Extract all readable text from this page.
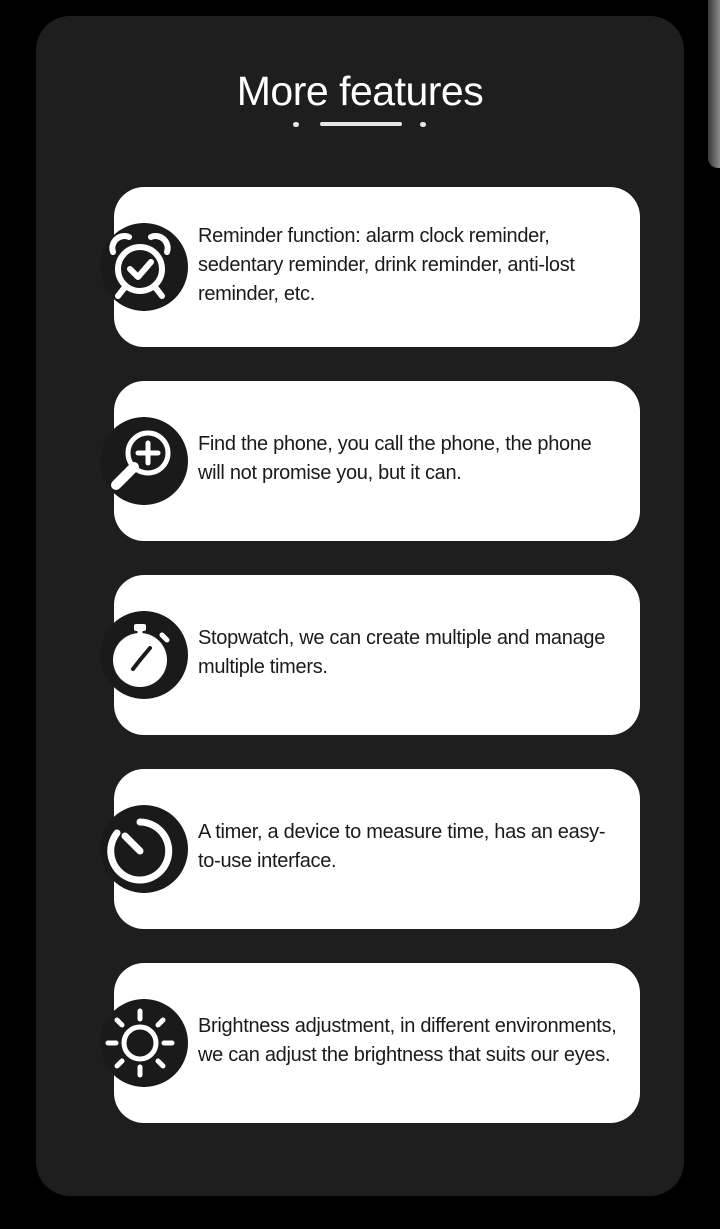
More features
Reminder function: alarm clock reminder, sedentary reminder, drink reminder, anti-lost reminder, etc.
Find the phone, you call the phone, the phone will not promise you, but it can.
Stopwatch, we can create multiple and manage multiple timers.
A timer, a device to measure time, has an easy-to-use interface.
Brightness adjustment, in different environments, we can adjust the brightness that suits our eyes.
